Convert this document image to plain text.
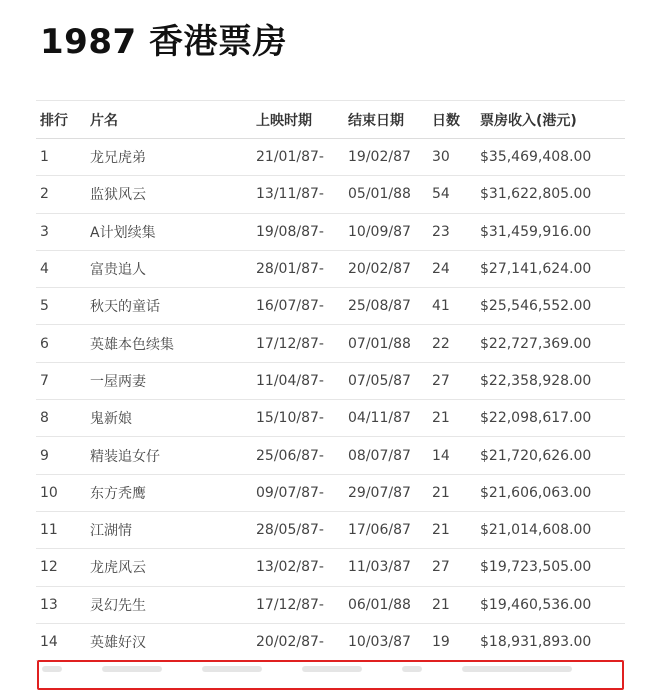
1987 香港票房
排行	片名	上映时期	结束日期	日数	票房收入(港元)
1	龙兄虎弟	21/01/87-	19/02/87	30	$35,469,408.00
2	监狱风云	13/11/87-	05/01/88	54	$31,622,805.00
3	A计划续集	19/08/87-	10/09/87	23	$31,459,916.00
4	富贵追人	28/01/87-	20/02/87	24	$27,141,624.00
5	秋天的童话	16/07/87-	25/08/87	41	$25,546,552.00
6	英雄本色续集	17/12/87-	07/01/88	22	$22,727,369.00
7	一屋两妻	11/04/87-	07/05/87	27	$22,358,928.00
8	鬼新娘	15/10/87-	04/11/87	21	$22,098,617.00
9	精装追女仔	25/06/87-	08/07/87	14	$21,720,626.00
10	东方秃鹰	09/07/87-	29/07/87	21	$21,606,063.00
11	江湖情	28/05/87-	17/06/87	21	$21,014,608.00
12	龙虎风云	13/02/87-	11/03/87	27	$19,723,505.00
13	灵幻先生	17/12/87-	06/01/88	21	$19,460,536.00
14	英雄好汉	20/02/87-	10/03/87	19	$18,931,893.00
